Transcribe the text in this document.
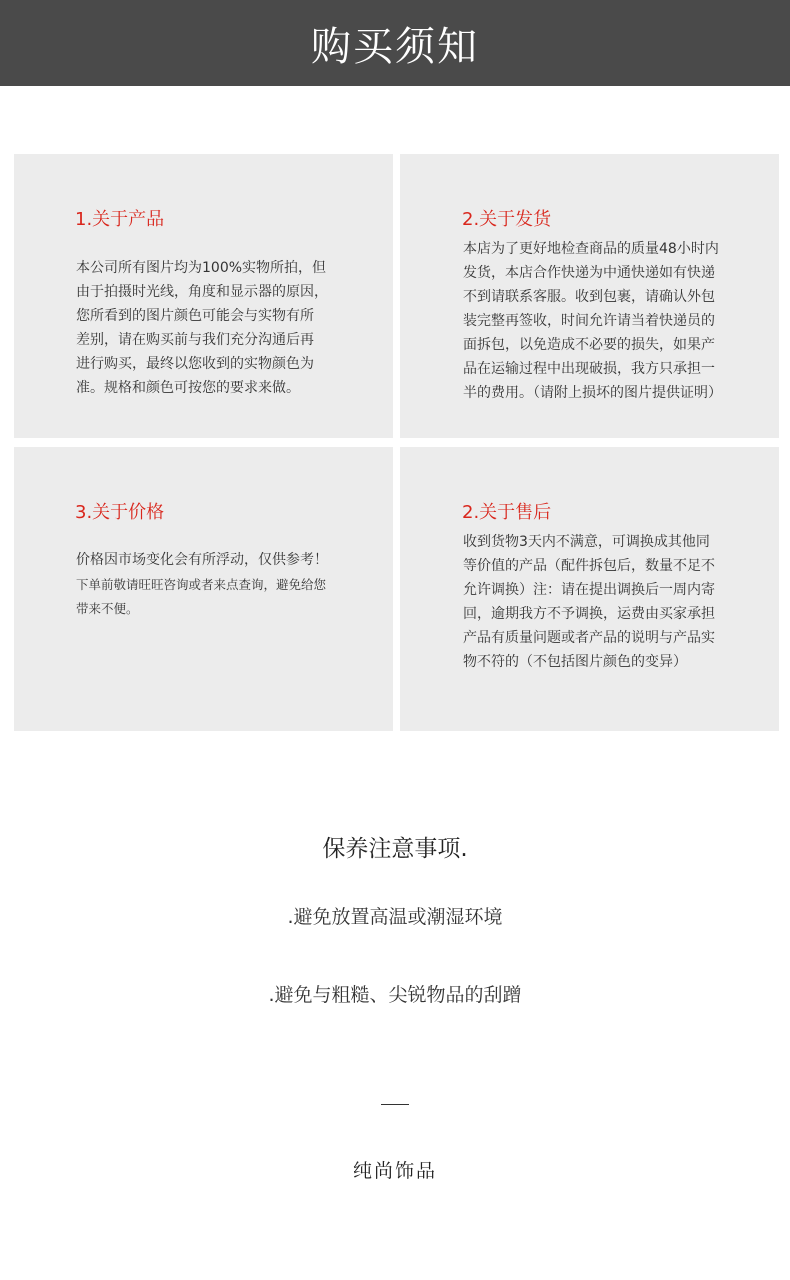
购买须知
1.关于产品
本公司所有图片均为100%实物所拍，但
由于拍摄时光线，角度和显示器的原因，
您所看到的图片颜色可能会与实物有所
差别，请在购买前与我们充分沟通后再
进行购买，最终以您收到的实物颜色为
准。规格和颜色可按您的要求来做。
2.关于发货
本店为了更好地检查商品的质量48小时内
发货，本店合作快递为中通快递如有快递
不到请联系客服。收到包裹，请确认外包
装完整再签收，时间允许请当着快递员的
面拆包，以免造成不必要的损失，如果产
品在运输过程中出现破损，我方只承担一
半的费用。（请附上损坏的图片提供证明）
3.关于价格
价格因市场变化会有所浮动，仅供参考！
下单前敬请旺旺咨询或者来点查询，避免给您
带来不便。
2.关于售后
收到货物3天内不满意，可调换成其他同
等价值的产品（配件拆包后，数量不足不
允许调换）注：请在提出调换后一周内寄
回，逾期我方不予调换，运费由买家承担
产品有质量问题或者产品的说明与产品实
物不符的（不包括图片颜色的变异）
保养注意事项.
.避免放置高温或潮湿环境
.避免与粗糙、尖锐物品的刮蹭
纯尚饰品
